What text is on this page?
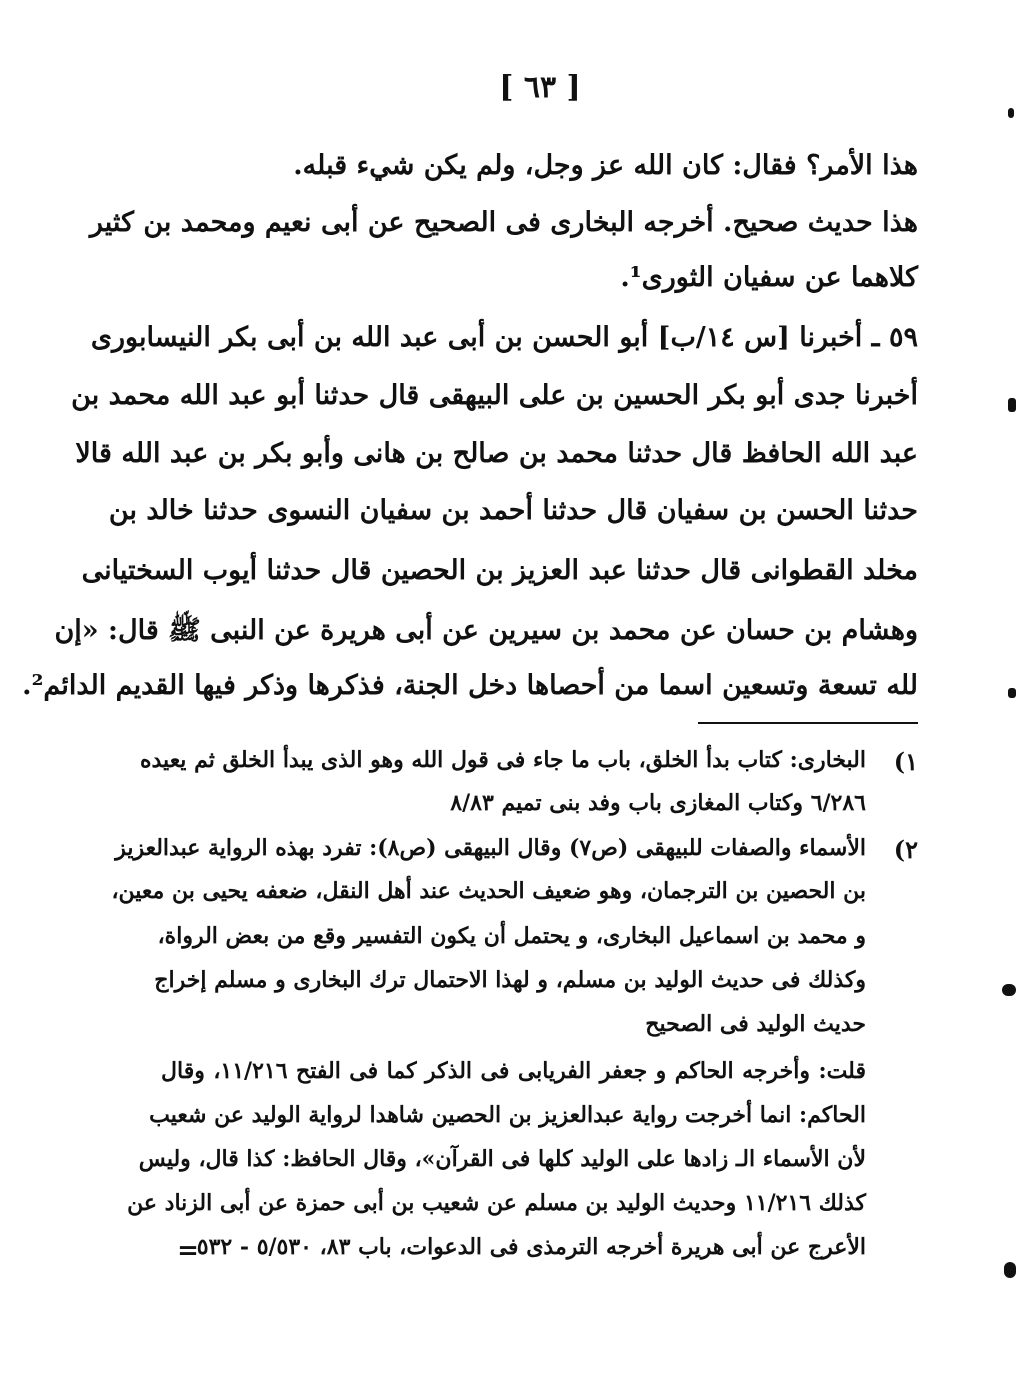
[ ٦٣ ]
هذا الأمر؟ فقال: كان الله عز وجل، ولم يكن شيء قبله.
هذا حديث صحيح. أخرجه البخارى فى الصحيح عن أبى نعيم ومحمد بن كثير
كلاهما عن سفيان الثورى¹.
٥٩ ـ أخبرنا [س ١٤/ب] أبو الحسن بن أبى عبد الله بن أبى بكر النيسابورى
أخبرنا جدى أبو بكر الحسين بن على البيهقى قال حدثنا أبو عبد الله محمد بن
عبد الله الحافظ قال حدثنا محمد بن صالح بن هانى وأبو بكر بن عبد الله قالا
حدثنا الحسن بن سفيان قال حدثنا أحمد بن سفيان النسوى حدثنا خالد بن
مخلد القطوانى قال حدثنا عبد العزيز بن الحصين قال حدثنا أيوب السختيانى
وهشام بن حسان عن محمد بن سيرين عن أبى هريرة عن النبى ﷺ قال: «إن
لله تسعة وتسعين اسما من أحصاها دخل الجنة، فذكرها وذكر فيها القديم الدائم².
١)
البخارى: كتاب بدأ الخلق، باب ما جاء فى قول الله وهو الذى يبدأ الخلق ثم يعيده
٦/٢٨٦ وكتاب المغازى باب وفد بنى تميم ٨/٨٣
٢)
الأسماء والصفات للبيهقى (ص٧) وقال البيهقى (ص٨): تفرد بهذه الرواية عبدالعزيز
بن الحصين بن الترجمان، وهو ضعيف الحديث عند أهل النقل، ضعفه يحيى بن معين،
و محمد بن اسماعيل البخارى، و يحتمل أن يكون التفسير وقع من بعض الرواة،
وكذلك فى حديث الوليد بن مسلم، و لهذا الاحتمال ترك البخارى و مسلم إخراج
حديث الوليد فى الصحيح
قلت: وأخرجه الحاكم و جعفر الفريابى فى الذكر كما فى الفتح ١١/٢١٦، وقال
الحاكم: انما أخرجت رواية عبدالعزيز بن الحصين شاهدا لرواية الوليد عن شعيب
لأن الأسماء الـ زادها على الوليد كلها فى القرآن»، وقال الحافظ: كذا قال، وليس
كذلك ١١/٢١٦ وحديث الوليد بن مسلم عن شعيب بن أبى حمزة عن أبى الزناد عن
الأعرج عن أبى هريرة أخرجه الترمذى فى الدعوات، باب ٨٣، ٥/٥٣٠ - ٥٣٢
=
